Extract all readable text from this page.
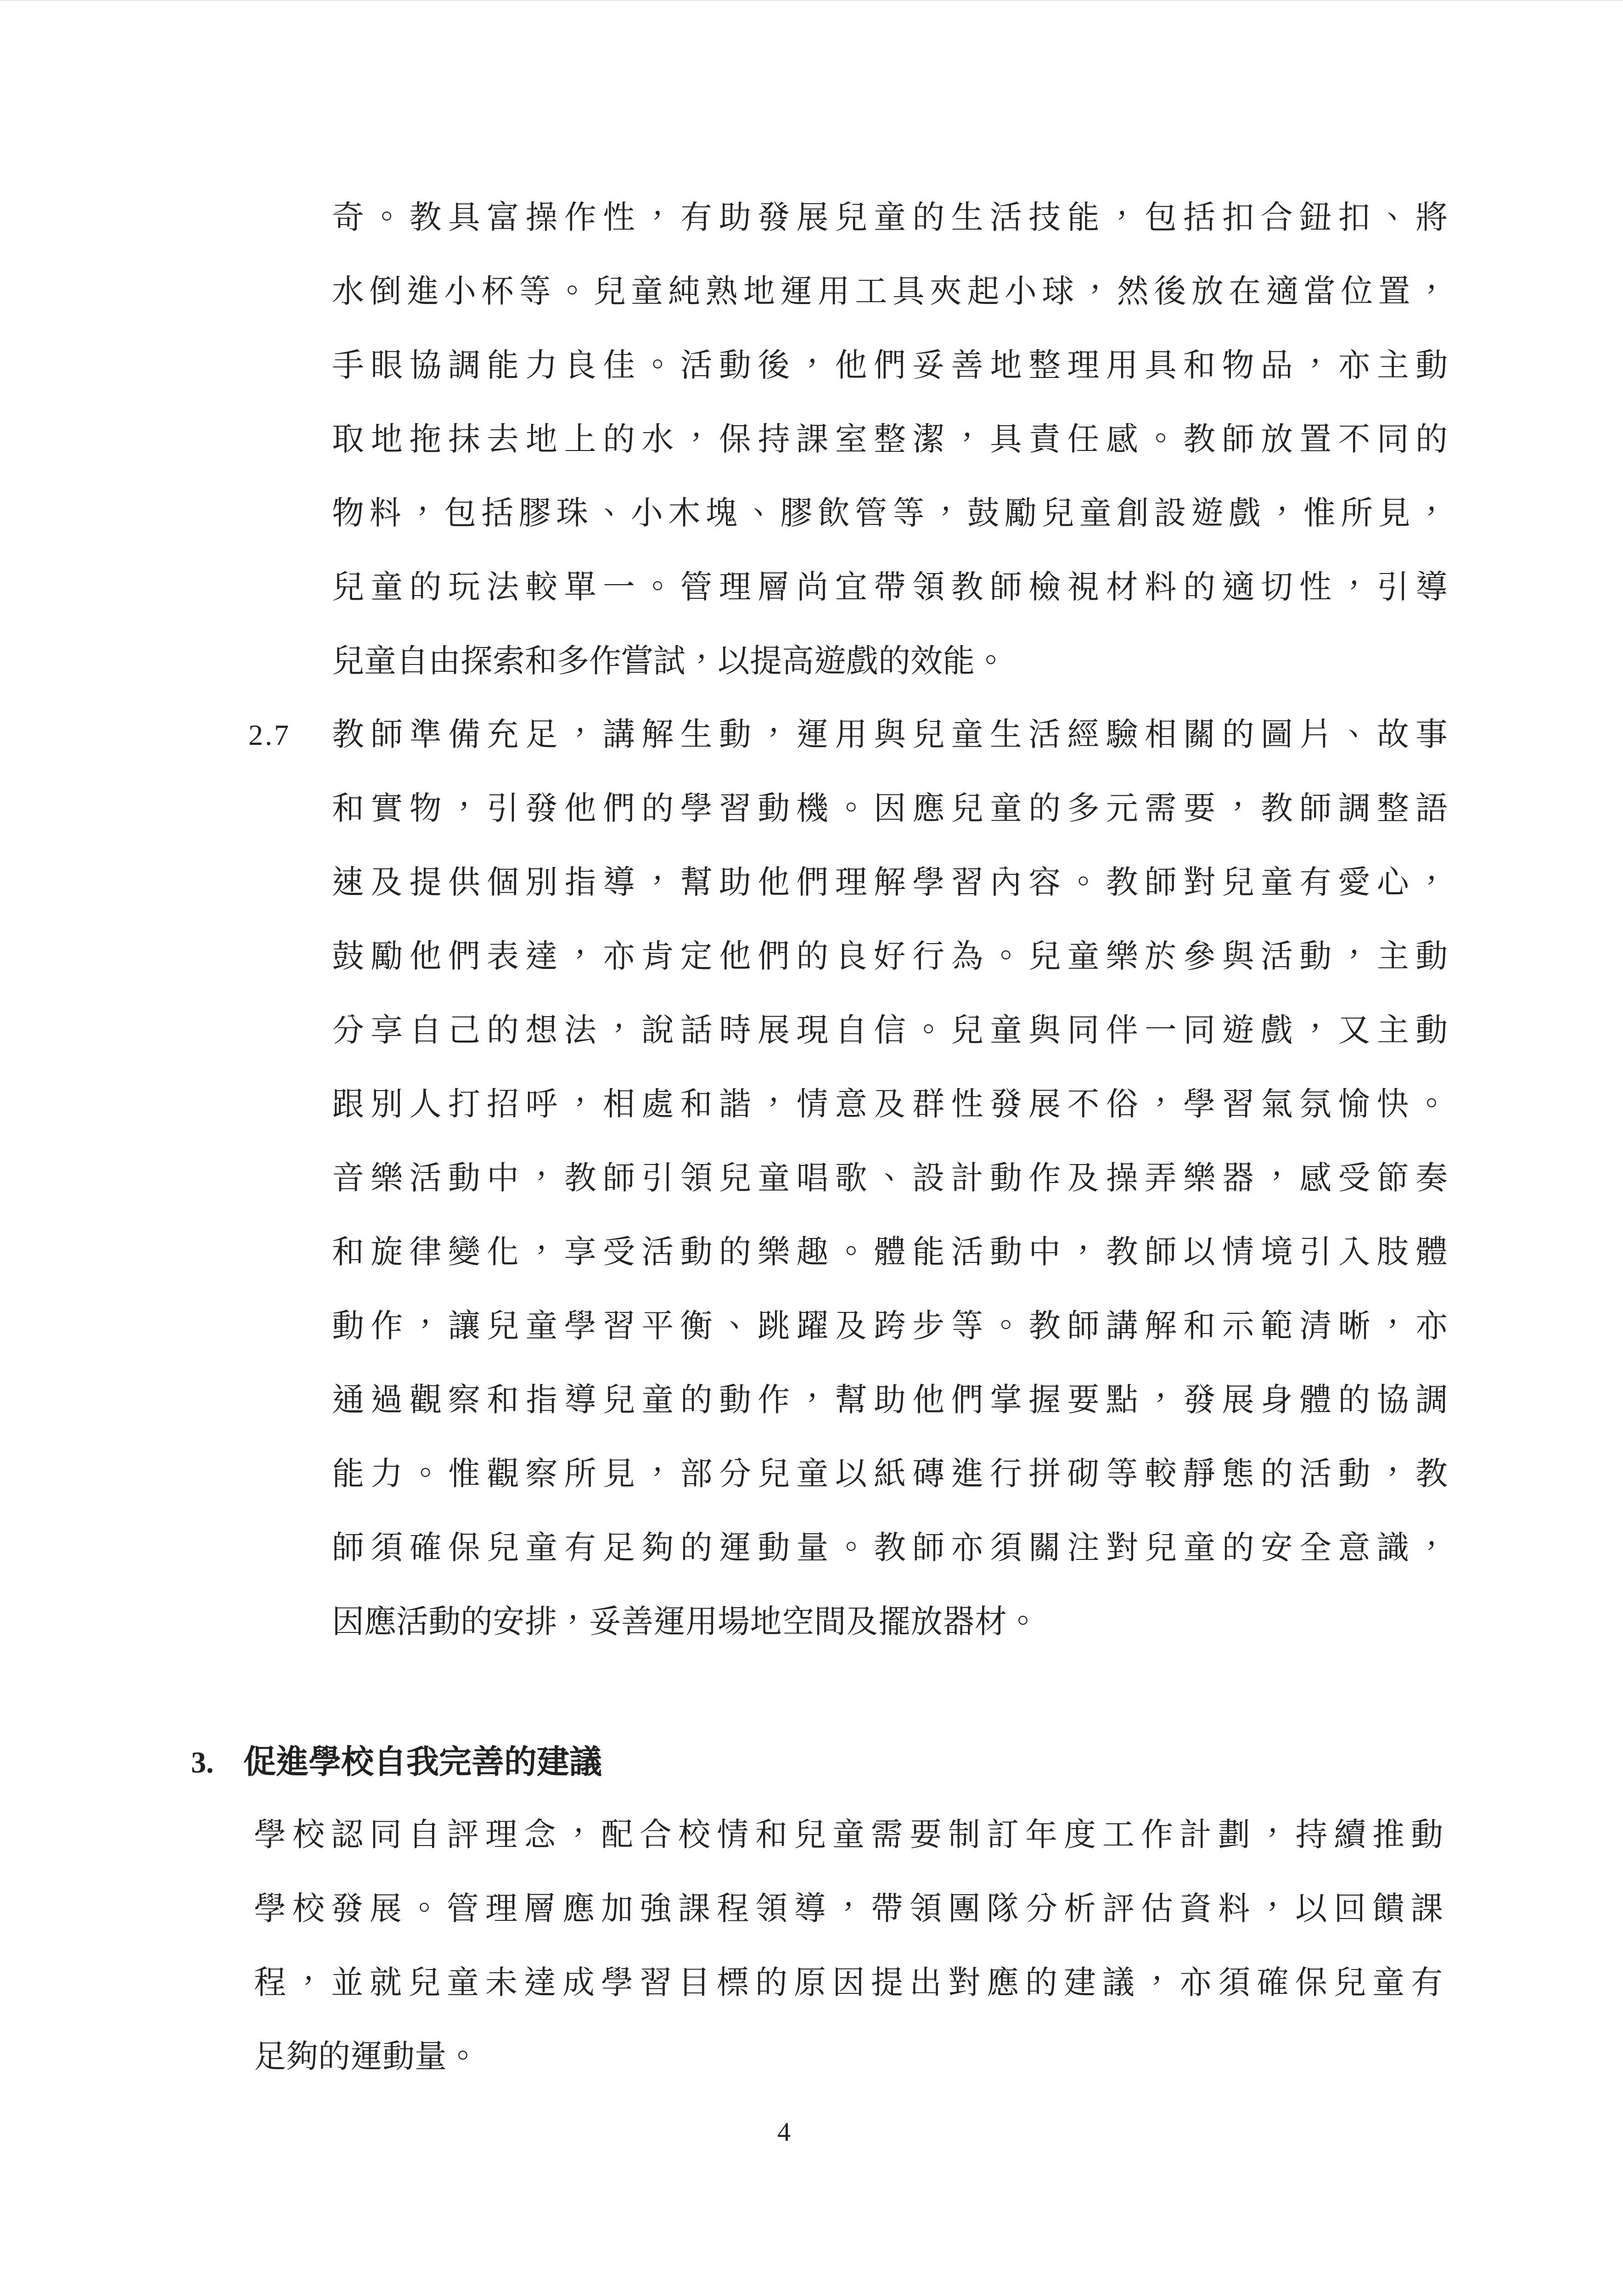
奇。教具富操作性，有助發展兒童的生活技能，包括扣合鈕扣、將
水倒進小杯等。兒童純熟地運用工具夾起小球，然後放在適當位置，
手眼協調能力良佳。活動後，他們妥善地整理用具和物品，亦主動
取地拖抹去地上的水，保持課室整潔，具責任感。教師放置不同的
物料，包括膠珠、小木塊、膠飲管等，鼓勵兒童創設遊戲，惟所見，
兒童的玩法較單一。管理層尚宜帶領教師檢視材料的適切性，引導
兒童自由探索和多作嘗試，以提高遊戲的效能。
2.7	教師準備充足，講解生動，運用與兒童生活經驗相關的圖片、故事
和實物，引發他們的學習動機。因應兒童的多元需要，教師調整語
速及提供個別指導，幫助他們理解學習內容。教師對兒童有愛心，
鼓勵他們表達，亦肯定他們的良好行為。兒童樂於參與活動，主動
分享自己的想法，說話時展現自信。兒童與同伴一同遊戲，又主動
跟別人打招呼，相處和諧，情意及群性發展不俗，學習氣氛愉快。
音樂活動中，教師引領兒童唱歌、設計動作及操弄樂器，感受節奏
和旋律變化，享受活動的樂趣。體能活動中，教師以情境引入肢體
動作，讓兒童學習平衡、跳躍及跨步等。教師講解和示範清晰，亦
通過觀察和指導兒童的動作，幫助他們掌握要點，發展身體的協調
能力。惟觀察所見，部分兒童以紙磚進行拼砌等較靜態的活動，教
師須確保兒童有足夠的運動量。教師亦須關注對兒童的安全意識，
因應活動的安排，妥善運用場地空間及擺放器材。
3. 促進學校自我完善的建議
學校認同自評理念，配合校情和兒童需要制訂年度工作計劃，持續推動
學校發展。管理層應加強課程領導，帶領團隊分析評估資料，以回饋課
程，並就兒童未達成學習目標的原因提出對應的建議，亦須確保兒童有
足夠的運動量。
4
